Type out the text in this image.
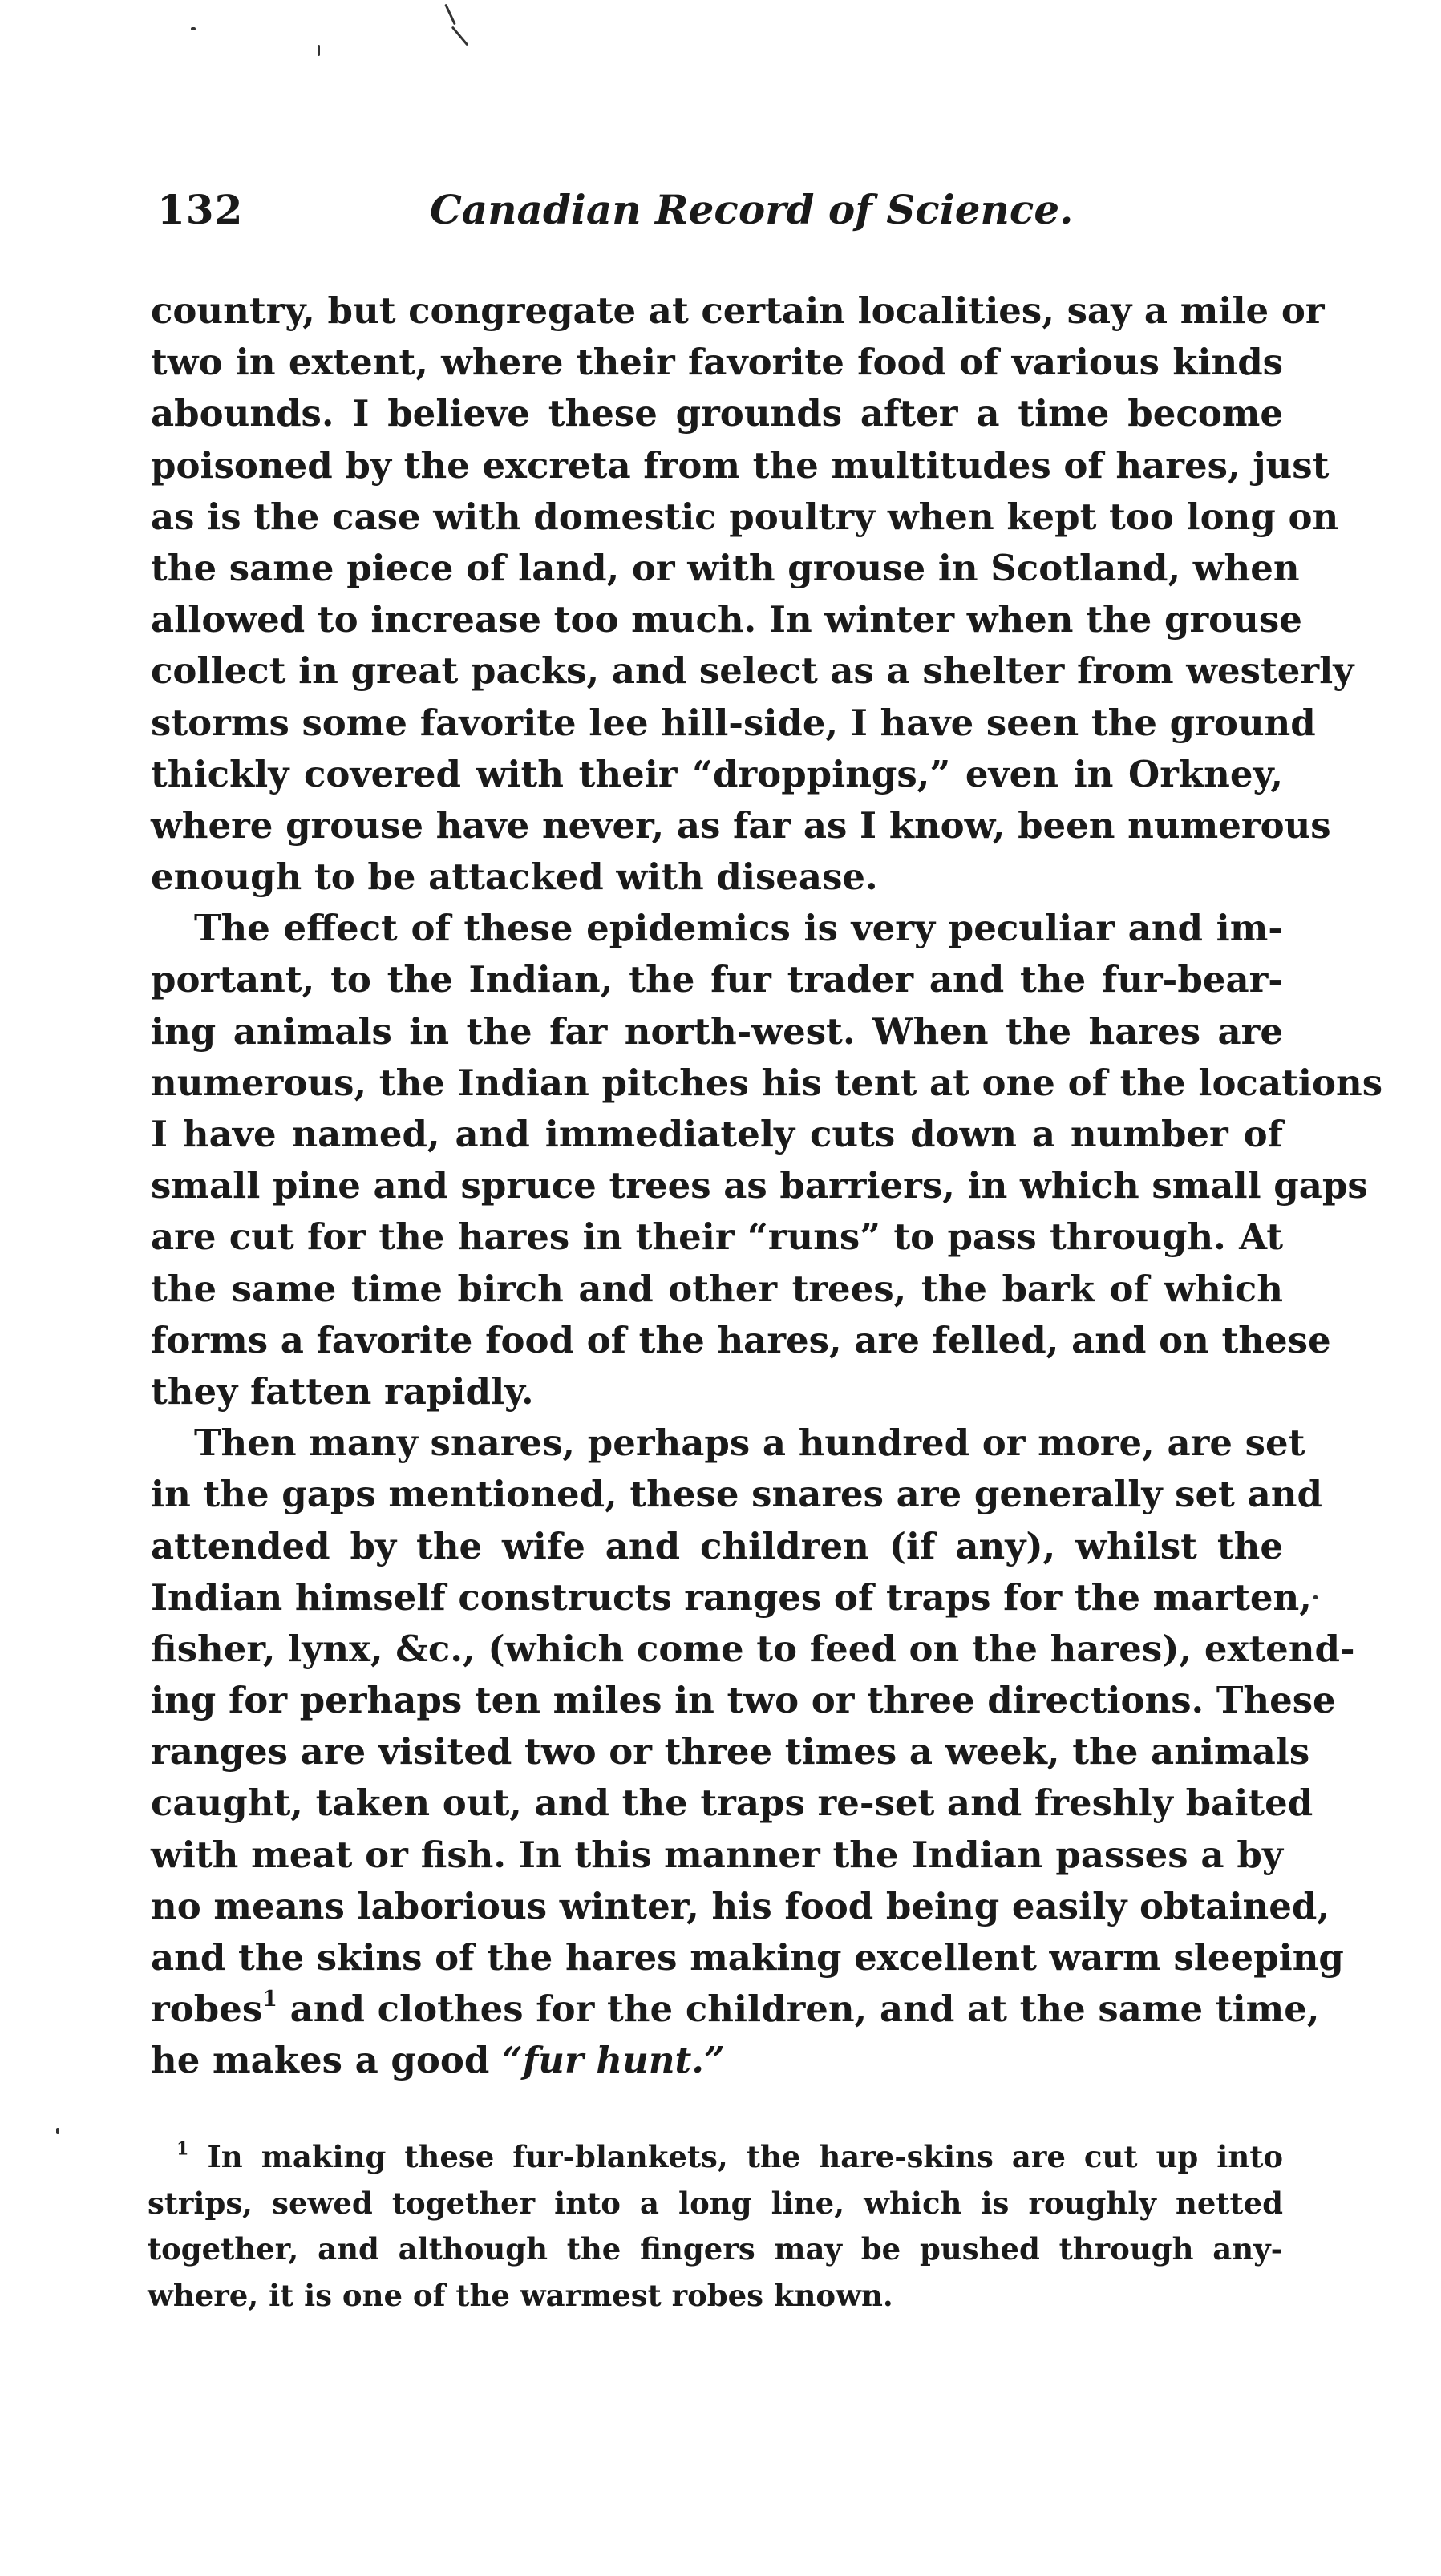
132	Canadian Record of Science.
country, but congregate at certain localities, say a mile or
two in extent, where their favorite food of various kinds
abounds. I believe these grounds after a time become
poisoned by the excreta from the multitudes of hares, just
as is the case with domestic poultry when kept too long on
the same piece of land, or with grouse in Scotland, when
allowed to increase too much. In winter when the grouse
collect in great packs, and select as a shelter from westerly
storms some favorite lee hill-side, I have seen the ground
thickly covered with their “droppings,” even in Orkney,
where grouse have never, as far as I know, been numerous
enough to be attacked with disease.
The effect of these epidemics is very peculiar and im-
portant, to the Indian, the fur trader and the fur-bear-
ing animals in the far north-west. When the hares are
numerous, the Indian pitches his tent at one of the locations
I have named, and immediately cuts down a number of
small pine and spruce trees as barriers, in which small gaps
are cut for the hares in their “runs” to pass through. At
the same time birch and other trees, the bark of which
forms a favorite food of the hares, are felled, and on these
they fatten rapidly.
Then many snares, perhaps a hundred or more, are set
in the gaps mentioned, these snares are generally set and
attended by the wife and children (if any), whilst the
Indian himself constructs ranges of traps for the marten,
fisher, lynx, &c., (which come to feed on the hares), extend-
ing for perhaps ten miles in two or three directions. These
ranges are visited two or three times a week, the animals
caught, taken out, and the traps re-set and freshly baited
with meat or fish. In this manner the Indian passes a by
no means laborious winter, his food being easily obtained,
and the skins of the hares making excellent warm sleeping
robes$^1$ and clothes for the children, and at the same time,
he makes a good “fur hunt.”
$^1$ In making these fur-blankets, the hare-skins are cut up into
strips, sewed together into a long line, which is roughly netted
together, and although the fingers may be pushed through any-
where, it is one of the warmest robes known.
